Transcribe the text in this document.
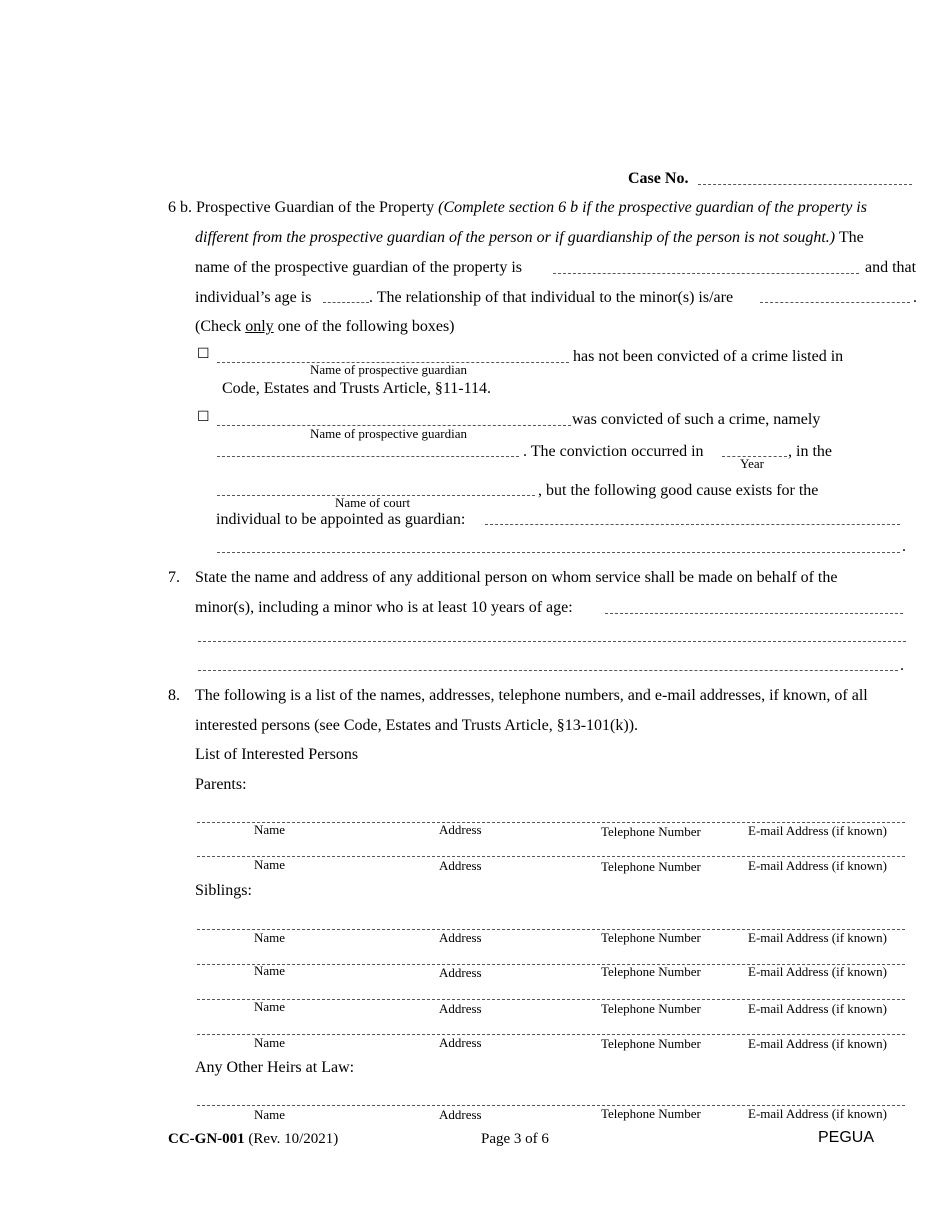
Case No.
6 b. Prospective Guardian of the Property (Complete section 6 b if the prospective guardian of the property is
different from the prospective guardian of the person or if guardianship of the person is not sought.) The
name of the prospective guardian of the property is	and that
individual’s age is	. The relationship of that individual to the minor(s) is/are	.
(Check only one of the following boxes)
☐	has not been convicted of a crime listed in
Name of prospective guardian
Code, Estates and Trusts Article, §11-114.
☐	was convicted of such a crime, namely
Name of prospective guardian
. The conviction occurred in	, in the
Year
, but the following good cause exists for the
Name of court
individual to be appointed as guardian:
.
7. State the name and address of any additional person on whom service shall be made on behalf of the
minor(s), including a minor who is at least 10 years of age:
.
8. The following is a list of the names, addresses, telephone numbers, and e-mail addresses, if known, of all
interested persons (see Code, Estates and Trusts Article, §13-101(k)).
List of Interested Persons
Parents:
Name	Address	Telephone Number	E-mail Address (if known)
Name	Address	Telephone Number	E-mail Address (if known)
Siblings:
Name	Address	Telephone Number	E-mail Address (if known)
Name	Address	Telephone Number	E-mail Address (if known)
Name	Address	Telephone Number	E-mail Address (if known)
Name	Address	Telephone Number	E-mail Address (if known)
Any Other Heirs at Law:
Name	Address	Telephone Number	E-mail Address (if known)
CC-GN-001 (Rev. 10/2021)	Page 3 of 6	PEGUA
